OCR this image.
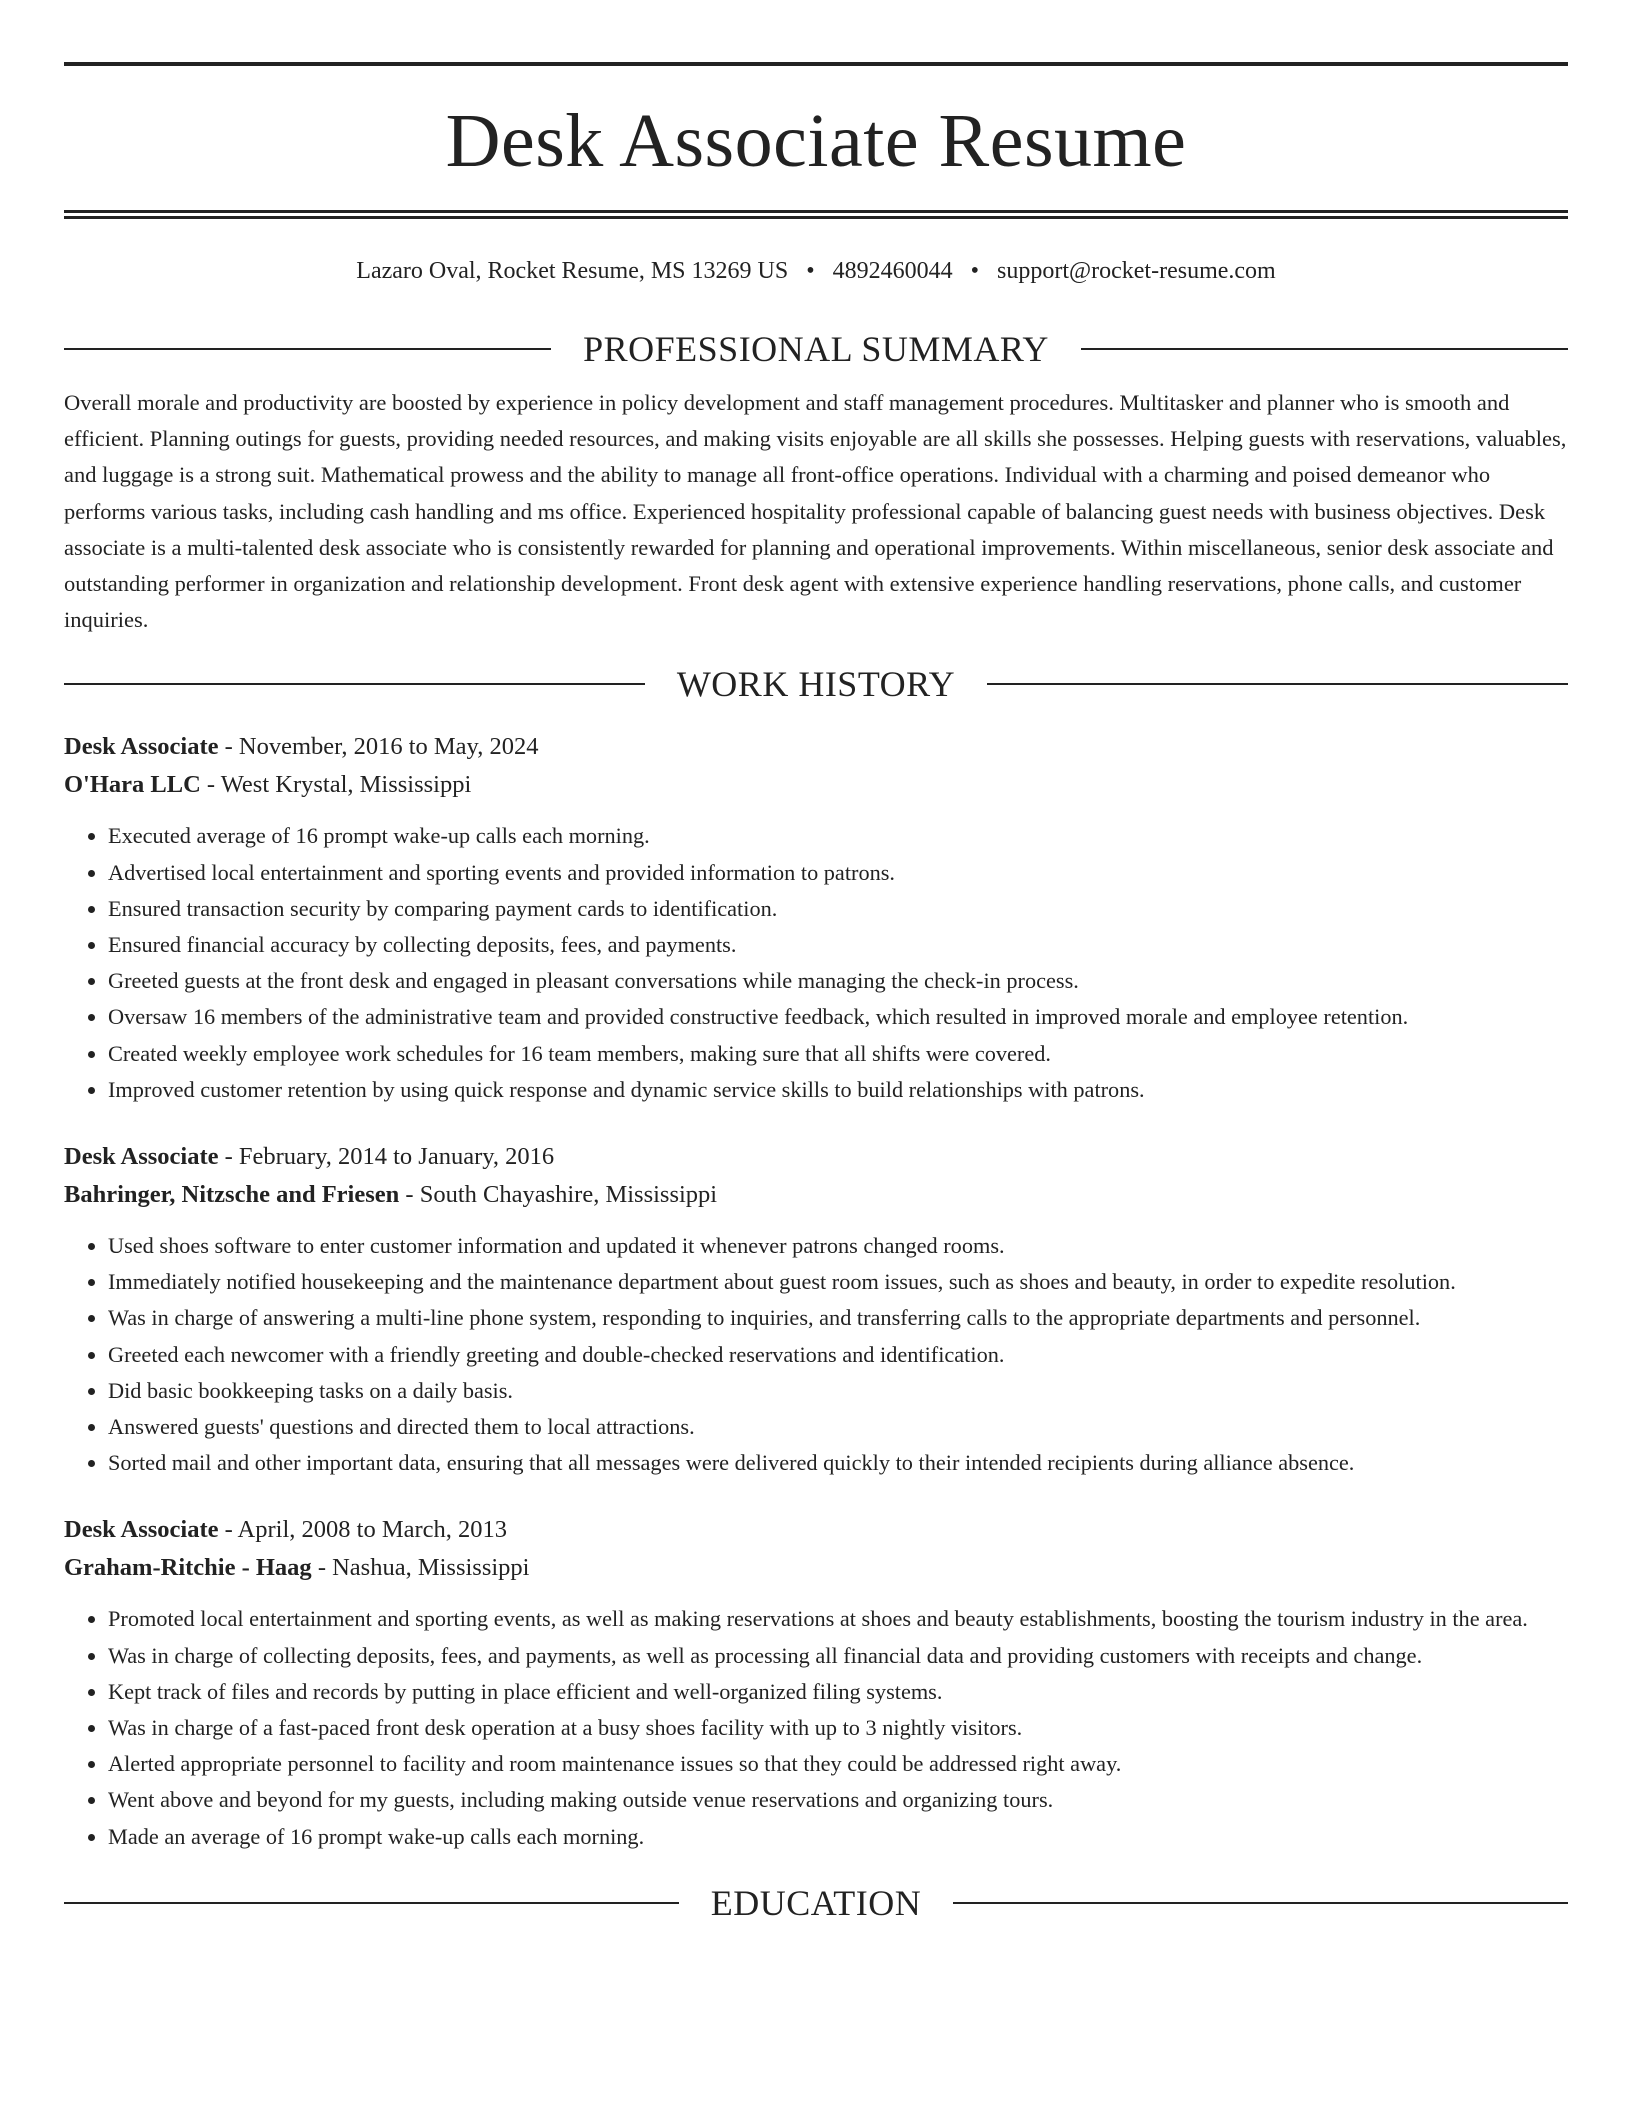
Desk Associate Resume
Lazaro Oval, Rocket Resume, MS 13269 US • 4892460044 • support@rocket-resume.com
PROFESSIONAL SUMMARY

Overall morale and productivity are boosted by experience in policy development and staff management procedures. Multitasker and planner who is smooth and efficient. Planning outings for guests, providing needed resources, and making visits enjoyable are all skills she possesses. Helping guests with reservations, valuables, and luggage is a strong suit. Mathematical prowess and the ability to manage all front-office operations. Individual with a charming and poised demeanor who performs various tasks, including cash handling and ms office. Experienced hospitality professional capable of balancing guest needs with business objectives. Desk associate is a multi-talented desk associate who is consistently rewarded for planning and operational improvements. Within miscellaneous, senior desk associate and outstanding performer in organization and relationship development. Front desk agent with extensive experience handling reservations, phone calls, and customer inquiries.

WORK HISTORY
Desk Associate - November, 2016 to May, 2024
O'Hara LLC - West Krystal, Mississippi
• Executed average of 16 prompt wake-up calls each morning.
• Advertised local entertainment and sporting events and provided information to patrons.
• Ensured transaction security by comparing payment cards to identification.
• Ensured financial accuracy by collecting deposits, fees, and payments.
• Greeted guests at the front desk and engaged in pleasant conversations while managing the check-in process.
• Oversaw 16 members of the administrative team and provided constructive feedback, which resulted in improved morale and employee retention.
• Created weekly employee work schedules for 16 team members, making sure that all shifts were covered.
• Improved customer retention by using quick response and dynamic service skills to build relationships with patrons.
Desk Associate - February, 2014 to January, 2016
Bahringer, Nitzsche and Friesen - South Chayashire, Mississippi
• Used shoes software to enter customer information and updated it whenever patrons changed rooms.
• Immediately notified housekeeping and the maintenance department about guest room issues, such as shoes and beauty, in order to expedite resolution.
• Was in charge of answering a multi-line phone system, responding to inquiries, and transferring calls to the appropriate departments and personnel.
• Greeted each newcomer with a friendly greeting and double-checked reservations and identification.
• Did basic bookkeeping tasks on a daily basis.
• Answered guests' questions and directed them to local attractions.
• Sorted mail and other important data, ensuring that all messages were delivered quickly to their intended recipients during alliance absence.
Desk Associate - April, 2008 to March, 2013
Graham-Ritchie - Haag - Nashua, Mississippi
• Promoted local entertainment and sporting events, as well as making reservations at shoes and beauty establishments, boosting the tourism industry in the area.
• Was in charge of collecting deposits, fees, and payments, as well as processing all financial data and providing customers with receipts and change.
• Kept track of files and records by putting in place efficient and well-organized filing systems.
• Was in charge of a fast-paced front desk operation at a busy shoes facility with up to 3 nightly visitors.
• Alerted appropriate personnel to facility and room maintenance issues so that they could be addressed right away.
• Went above and beyond for my guests, including making outside venue reservations and organizing tours.
• Made an average of 16 prompt wake-up calls each morning.
EDUCATION
